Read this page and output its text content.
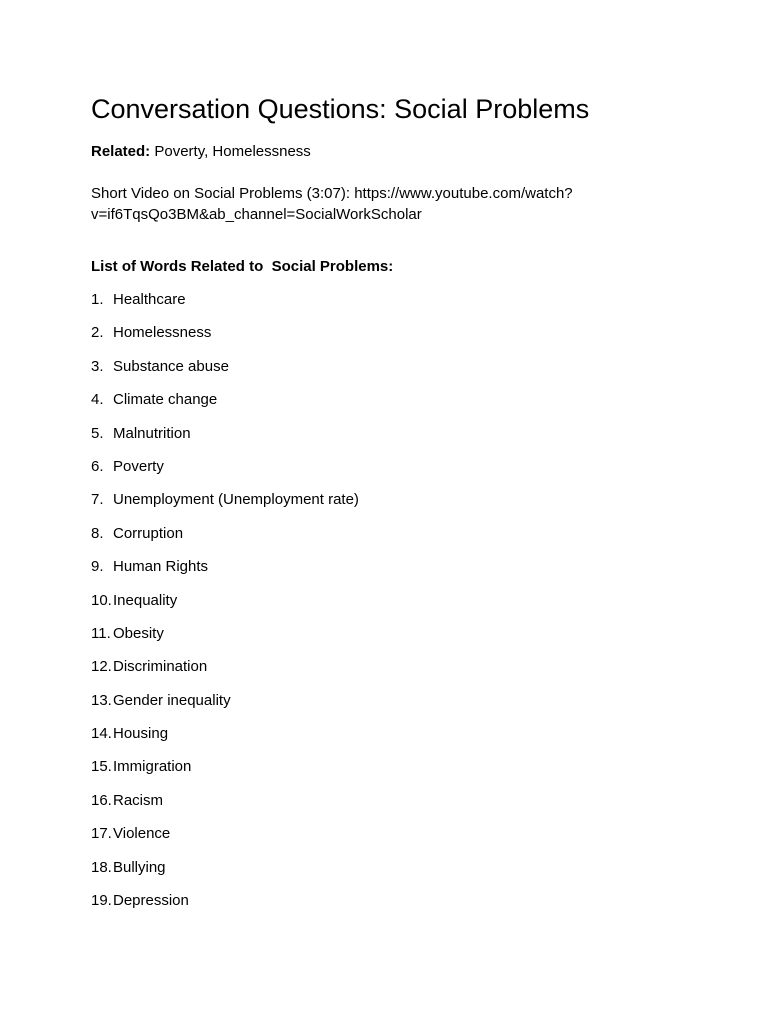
Conversation Questions: Social Problems
Related: Poverty, Homelessness
Short Video on Social Problems (3:07): https://www.youtube.com/watch?
v=if6TqsQo3BM&ab_channel=SocialWorkScholar
List of Words Related to  Social Problems:
1. Healthcare
2. Homelessness
3. Substance abuse
4. Climate change
5. Malnutrition
6. Poverty
7. Unemployment (Unemployment rate)
8. Corruption
9. Human Rights
10. Inequality
11. Obesity
12. Discrimination
13. Gender inequality
14. Housing
15. Immigration
16. Racism
17. Violence
18. Bullying
19. Depression
